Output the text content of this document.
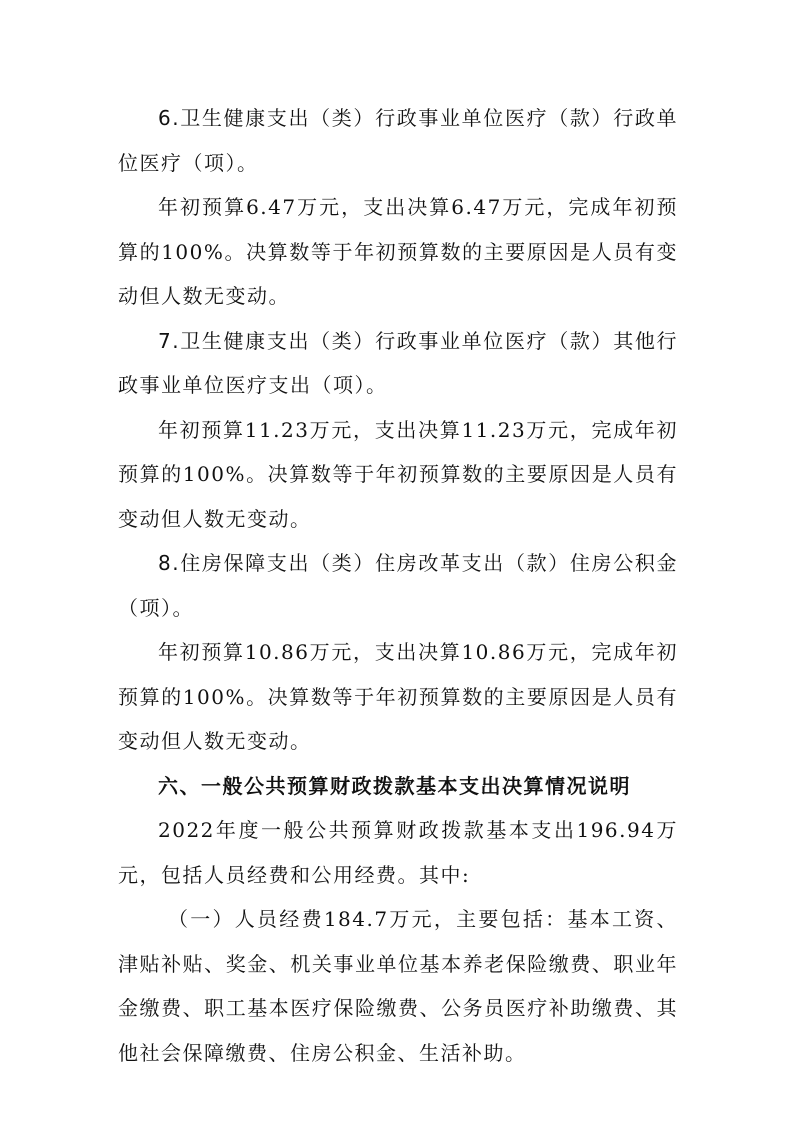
6.卫生健康支出（类）行政事业单位医疗（款）行政单位医疗（项）。

年初预算6.47万元，支出决算6.47万元，完成年初预算的100%。决算数等于年初预算数的主要原因是人员有变动但人数无变动。

7.卫生健康支出（类）行政事业单位医疗（款）其他行政事业单位医疗支出（项）。

年初预算11.23万元，支出决算11.23万元，完成年初预算的100%。决算数等于年初预算数的主要原因是人员有变动但人数无变动。

8.住房保障支出（类）住房改革支出（款）住房公积金（项）。

年初预算10.86万元，支出决算10.86万元，完成年初预算的100%。决算数等于年初预算数的主要原因是人员有变动但人数无变动。

六、一般公共预算财政拨款基本支出决算情况说明

2022年度一般公共预算财政拨款基本支出196.94万元，包括人员经费和公用经费。其中:

（一）人员经费184.7万元，主要包括：基本工资、津贴补贴、奖金、机关事业单位基本养老保险缴费、职业年金缴费、职工基本医疗保险缴费、公务员医疗补助缴费、其他社会保障缴费、住房公积金、生活补助。
